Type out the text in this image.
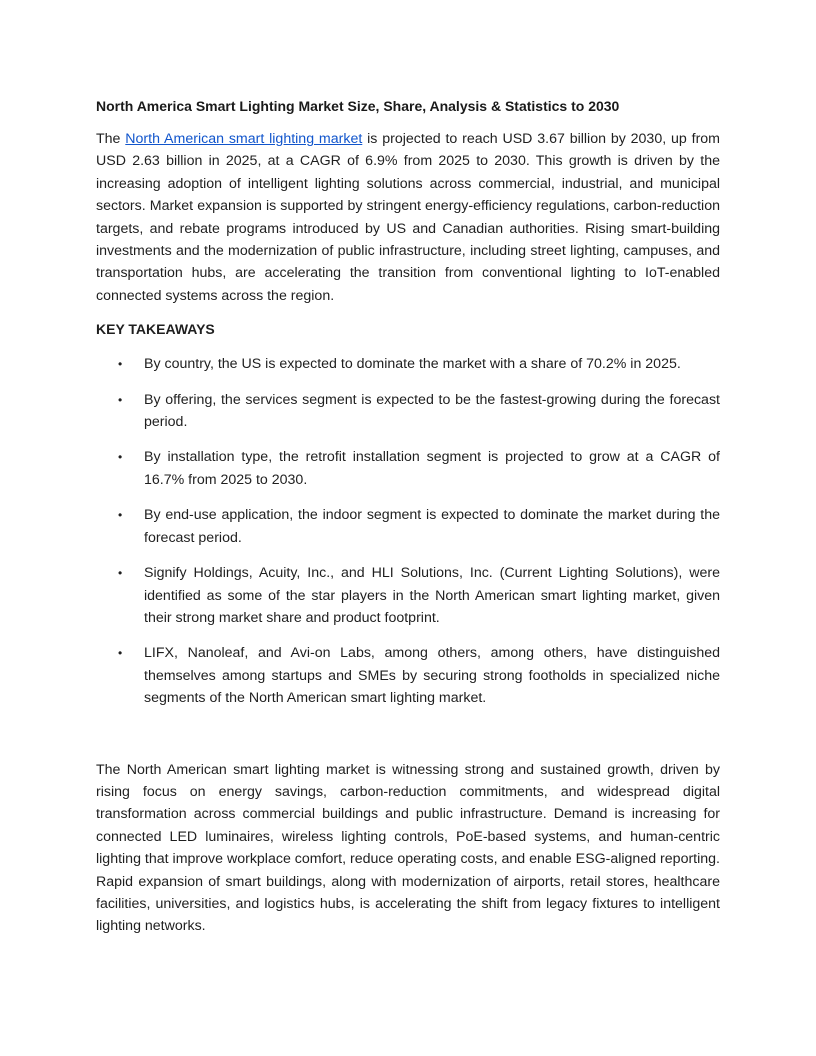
North America Smart Lighting Market Size, Share, Analysis & Statistics to 2030

The North American smart lighting market is projected to reach USD 3.67 billion by 2030, up from USD 2.63 billion in 2025, at a CAGR of 6.9% from 2025 to 2030. This growth is driven by the increasing adoption of intelligent lighting solutions across commercial, industrial, and municipal sectors. Market expansion is supported by stringent energy-efficiency regulations, carbon-reduction targets, and rebate programs introduced by US and Canadian authorities. Rising smart-building investments and the modernization of public infrastructure, including street lighting, campuses, and transportation hubs, are accelerating the transition from conventional lighting to IoT-enabled connected systems across the region.

KEY TAKEAWAYS
• By country, the US is expected to dominate the market with a share of 70.2% in 2025.
• By offering, the services segment is expected to be the fastest-growing during the forecast period.
• By installation type, the retrofit installation segment is projected to grow at a CAGR of 16.7% from 2025 to 2030.
• By end-use application, the indoor segment is expected to dominate the market during the forecast period.
• Signify Holdings, Acuity, Inc., and HLI Solutions, Inc. (Current Lighting Solutions), were identified as some of the star players in the North American smart lighting market, given their strong market share and product footprint.
• LIFX, Nanoleaf, and Avi-on Labs, among others, among others, have distinguished themselves among startups and SMEs by securing strong footholds in specialized niche segments of the North American smart lighting market.

The North American smart lighting market is witnessing strong and sustained growth, driven by rising focus on energy savings, carbon-reduction commitments, and widespread digital transformation across commercial buildings and public infrastructure. Demand is increasing for connected LED luminaires, wireless lighting controls, PoE-based systems, and human-centric lighting that improve workplace comfort, reduce operating costs, and enable ESG-aligned reporting. Rapid expansion of smart buildings, along with modernization of airports, retail stores, healthcare facilities, universities, and logistics hubs, is accelerating the shift from legacy fixtures to intelligent lighting networks.
